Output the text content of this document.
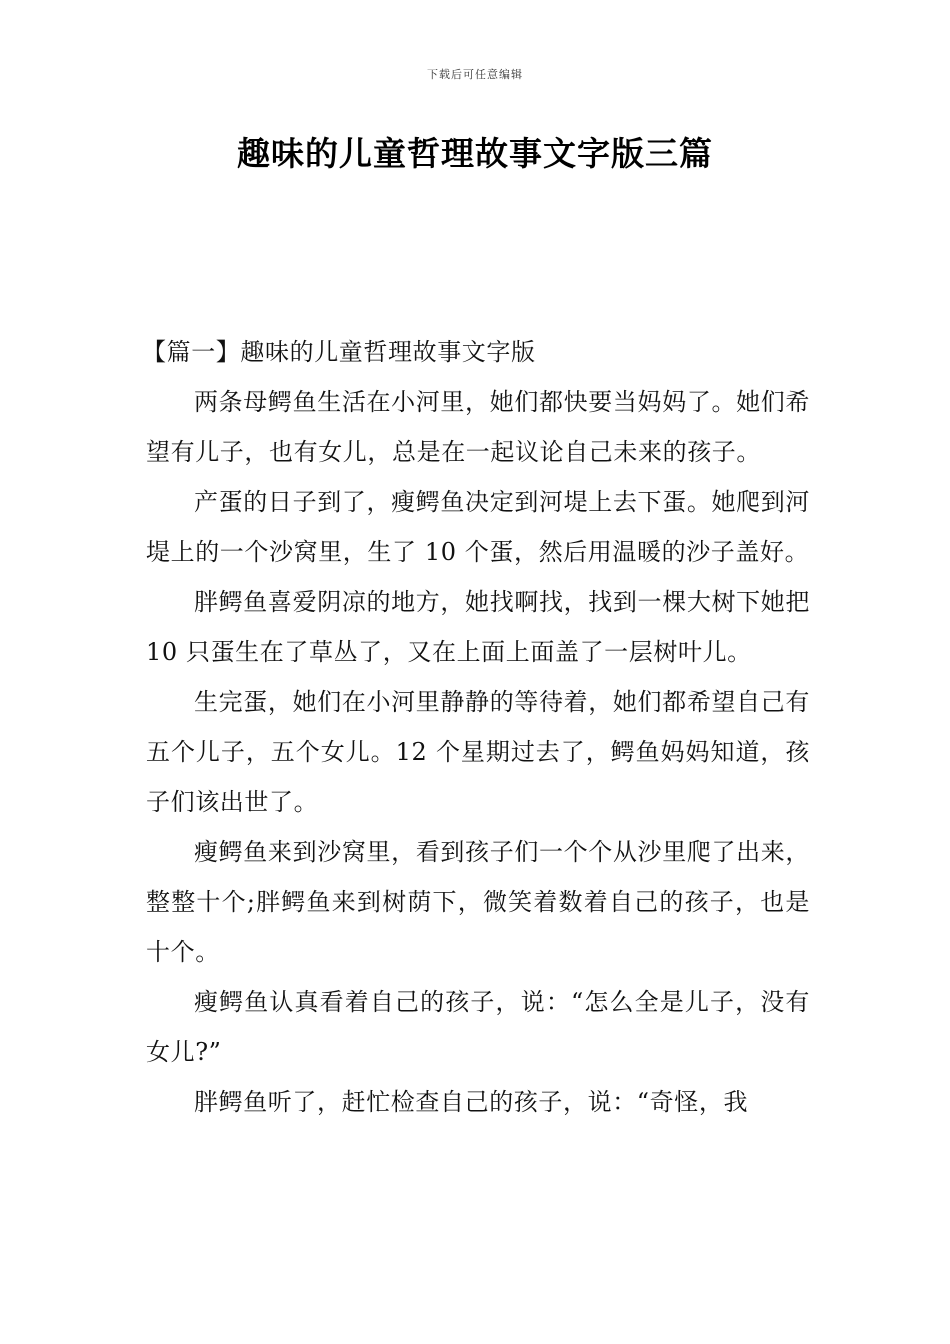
下载后可任意编辑
趣味的儿童哲理故事文字版三篇

【篇一】趣味的儿童哲理故事文字版

两条母鳄鱼生活在小河里，她们都快要当妈妈了。她们希望有儿子，也有女儿，总是在一起议论自己未来的孩子。

产蛋的日子到了，瘦鳄鱼决定到河堤上去下蛋。她爬到河堤上的一个沙窝里，生了 10 个蛋，然后用温暖的沙子盖好。

胖鳄鱼喜爱阴凉的地方，她找啊找，找到一棵大树下她把 10 只蛋生在了草丛了，又在上面上面盖了一层树叶儿。

生完蛋，她们在小河里静静的等待着，她们都希望自己有五个儿子，五个女儿。12 个星期过去了，鳄鱼妈妈知道，孩子们该出世了。

瘦鳄鱼来到沙窝里，看到孩子们一个个从沙里爬了出来，整整十个;胖鳄鱼来到树荫下，微笑着数着自己的孩子，也是十个。

瘦鳄鱼认真看着自己的孩子，说：“怎么全是儿子，没有女儿?”

胖鳄鱼听了，赶忙检查自己的孩子，说：“奇怪，我
